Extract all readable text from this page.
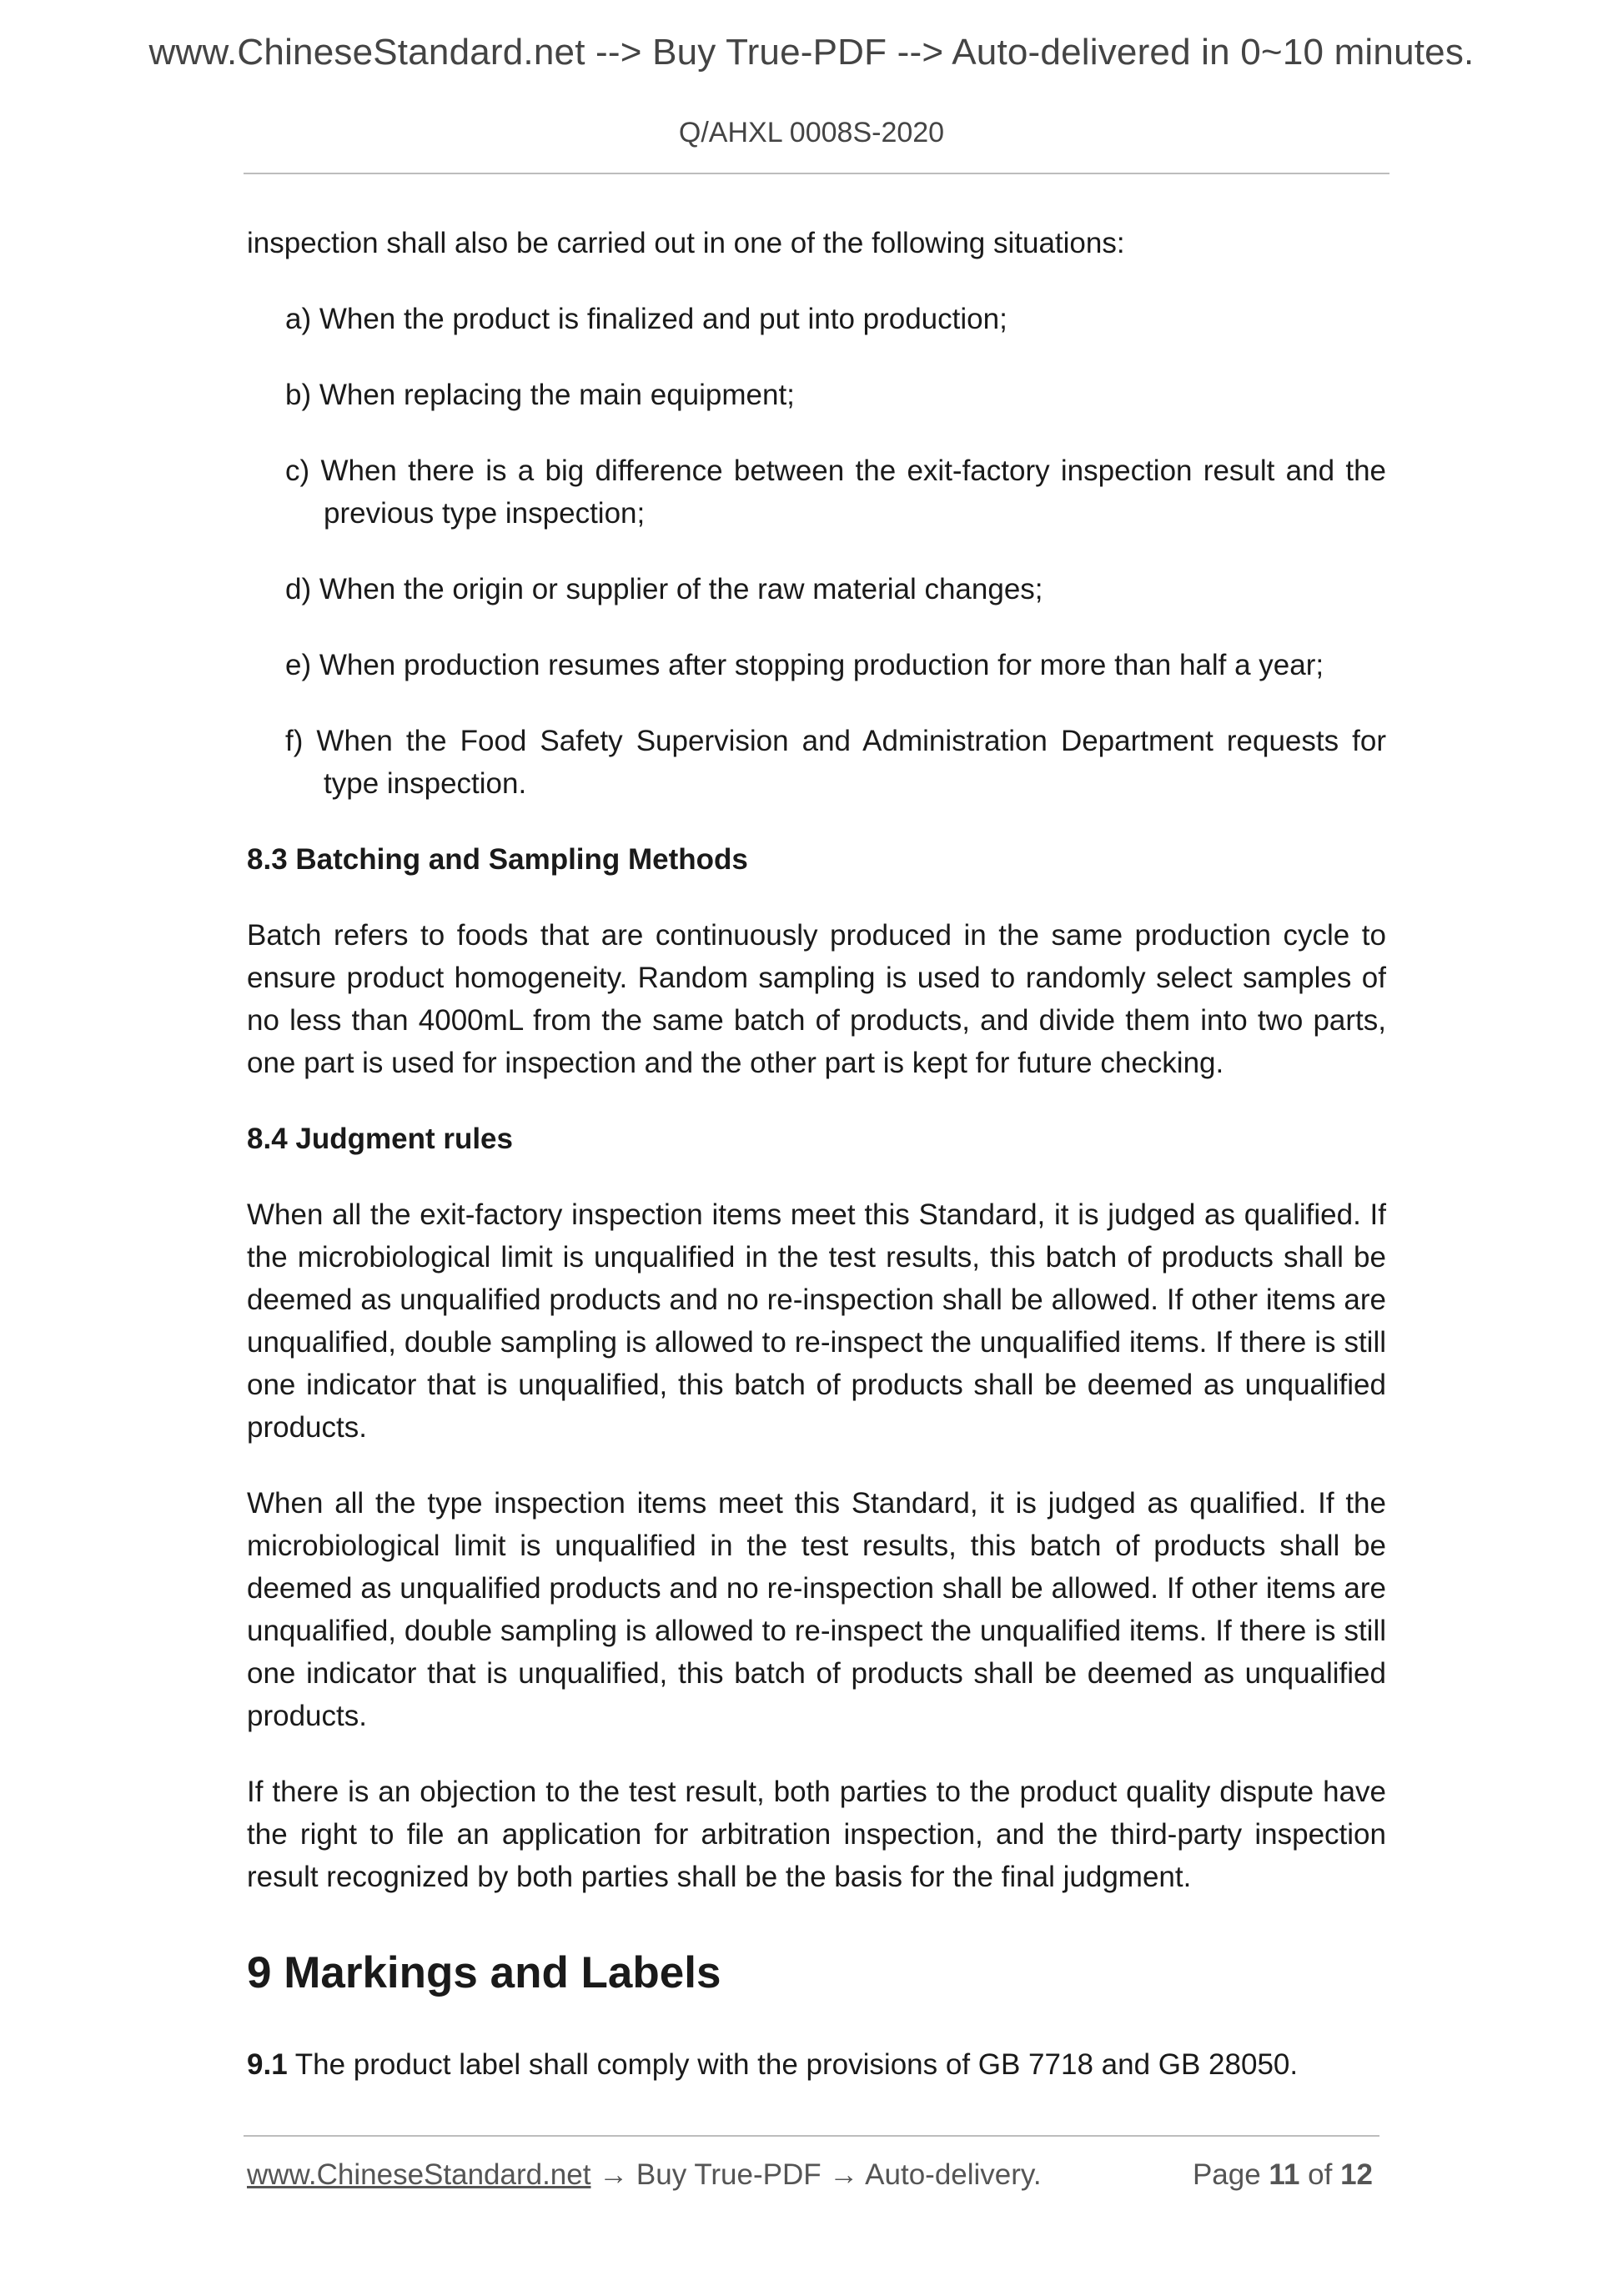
www.ChineseStandard.net --> Buy True-PDF --> Auto-delivered in 0~10 minutes.
Q/AHXL 0008S-2020

inspection shall also be carried out in one of the following situations:

a) When the product is finalized and put into production;

b) When replacing the main equipment;

c) When there is a big difference between the exit-factory inspection result and the previous type inspection;

d) When the origin or supplier of the raw material changes;

e) When production resumes after stopping production for more than half a year;

f) When the Food Safety Supervision and Administration Department requests for type inspection.

8.3 Batching and Sampling Methods

Batch refers to foods that are continuously produced in the same production cycle to ensure product homogeneity. Random sampling is used to randomly select samples of no less than 4000mL from the same batch of products, and divide them into two parts, one part is used for inspection and the other part is kept for future checking.

8.4 Judgment rules

When all the exit-factory inspection items meet this Standard, it is judged as qualified. If the microbiological limit is unqualified in the test results, this batch of products shall be deemed as unqualified products and no re-inspection shall be allowed. If other items are unqualified, double sampling is allowed to re-inspect the unqualified items. If there is still one indicator that is unqualified, this batch of products shall be deemed as unqualified products.

When all the type inspection items meet this Standard, it is judged as qualified. If the microbiological limit is unqualified in the test results, this batch of products shall be deemed as unqualified products and no re-inspection shall be allowed. If other items are unqualified, double sampling is allowed to re-inspect the unqualified items. If there is still one indicator that is unqualified, this batch of products shall be deemed as unqualified products.

If there is an objection to the test result, both parties to the product quality dispute have the right to file an application for arbitration inspection, and the third-party inspection result recognized by both parties shall be the basis for the final judgment.

9 Markings and Labels

9.1 The product label shall comply with the provisions of GB 7718 and GB 28050.

www.ChineseStandard.net → Buy True-PDF → Auto-delivery.	Page 11 of 12
